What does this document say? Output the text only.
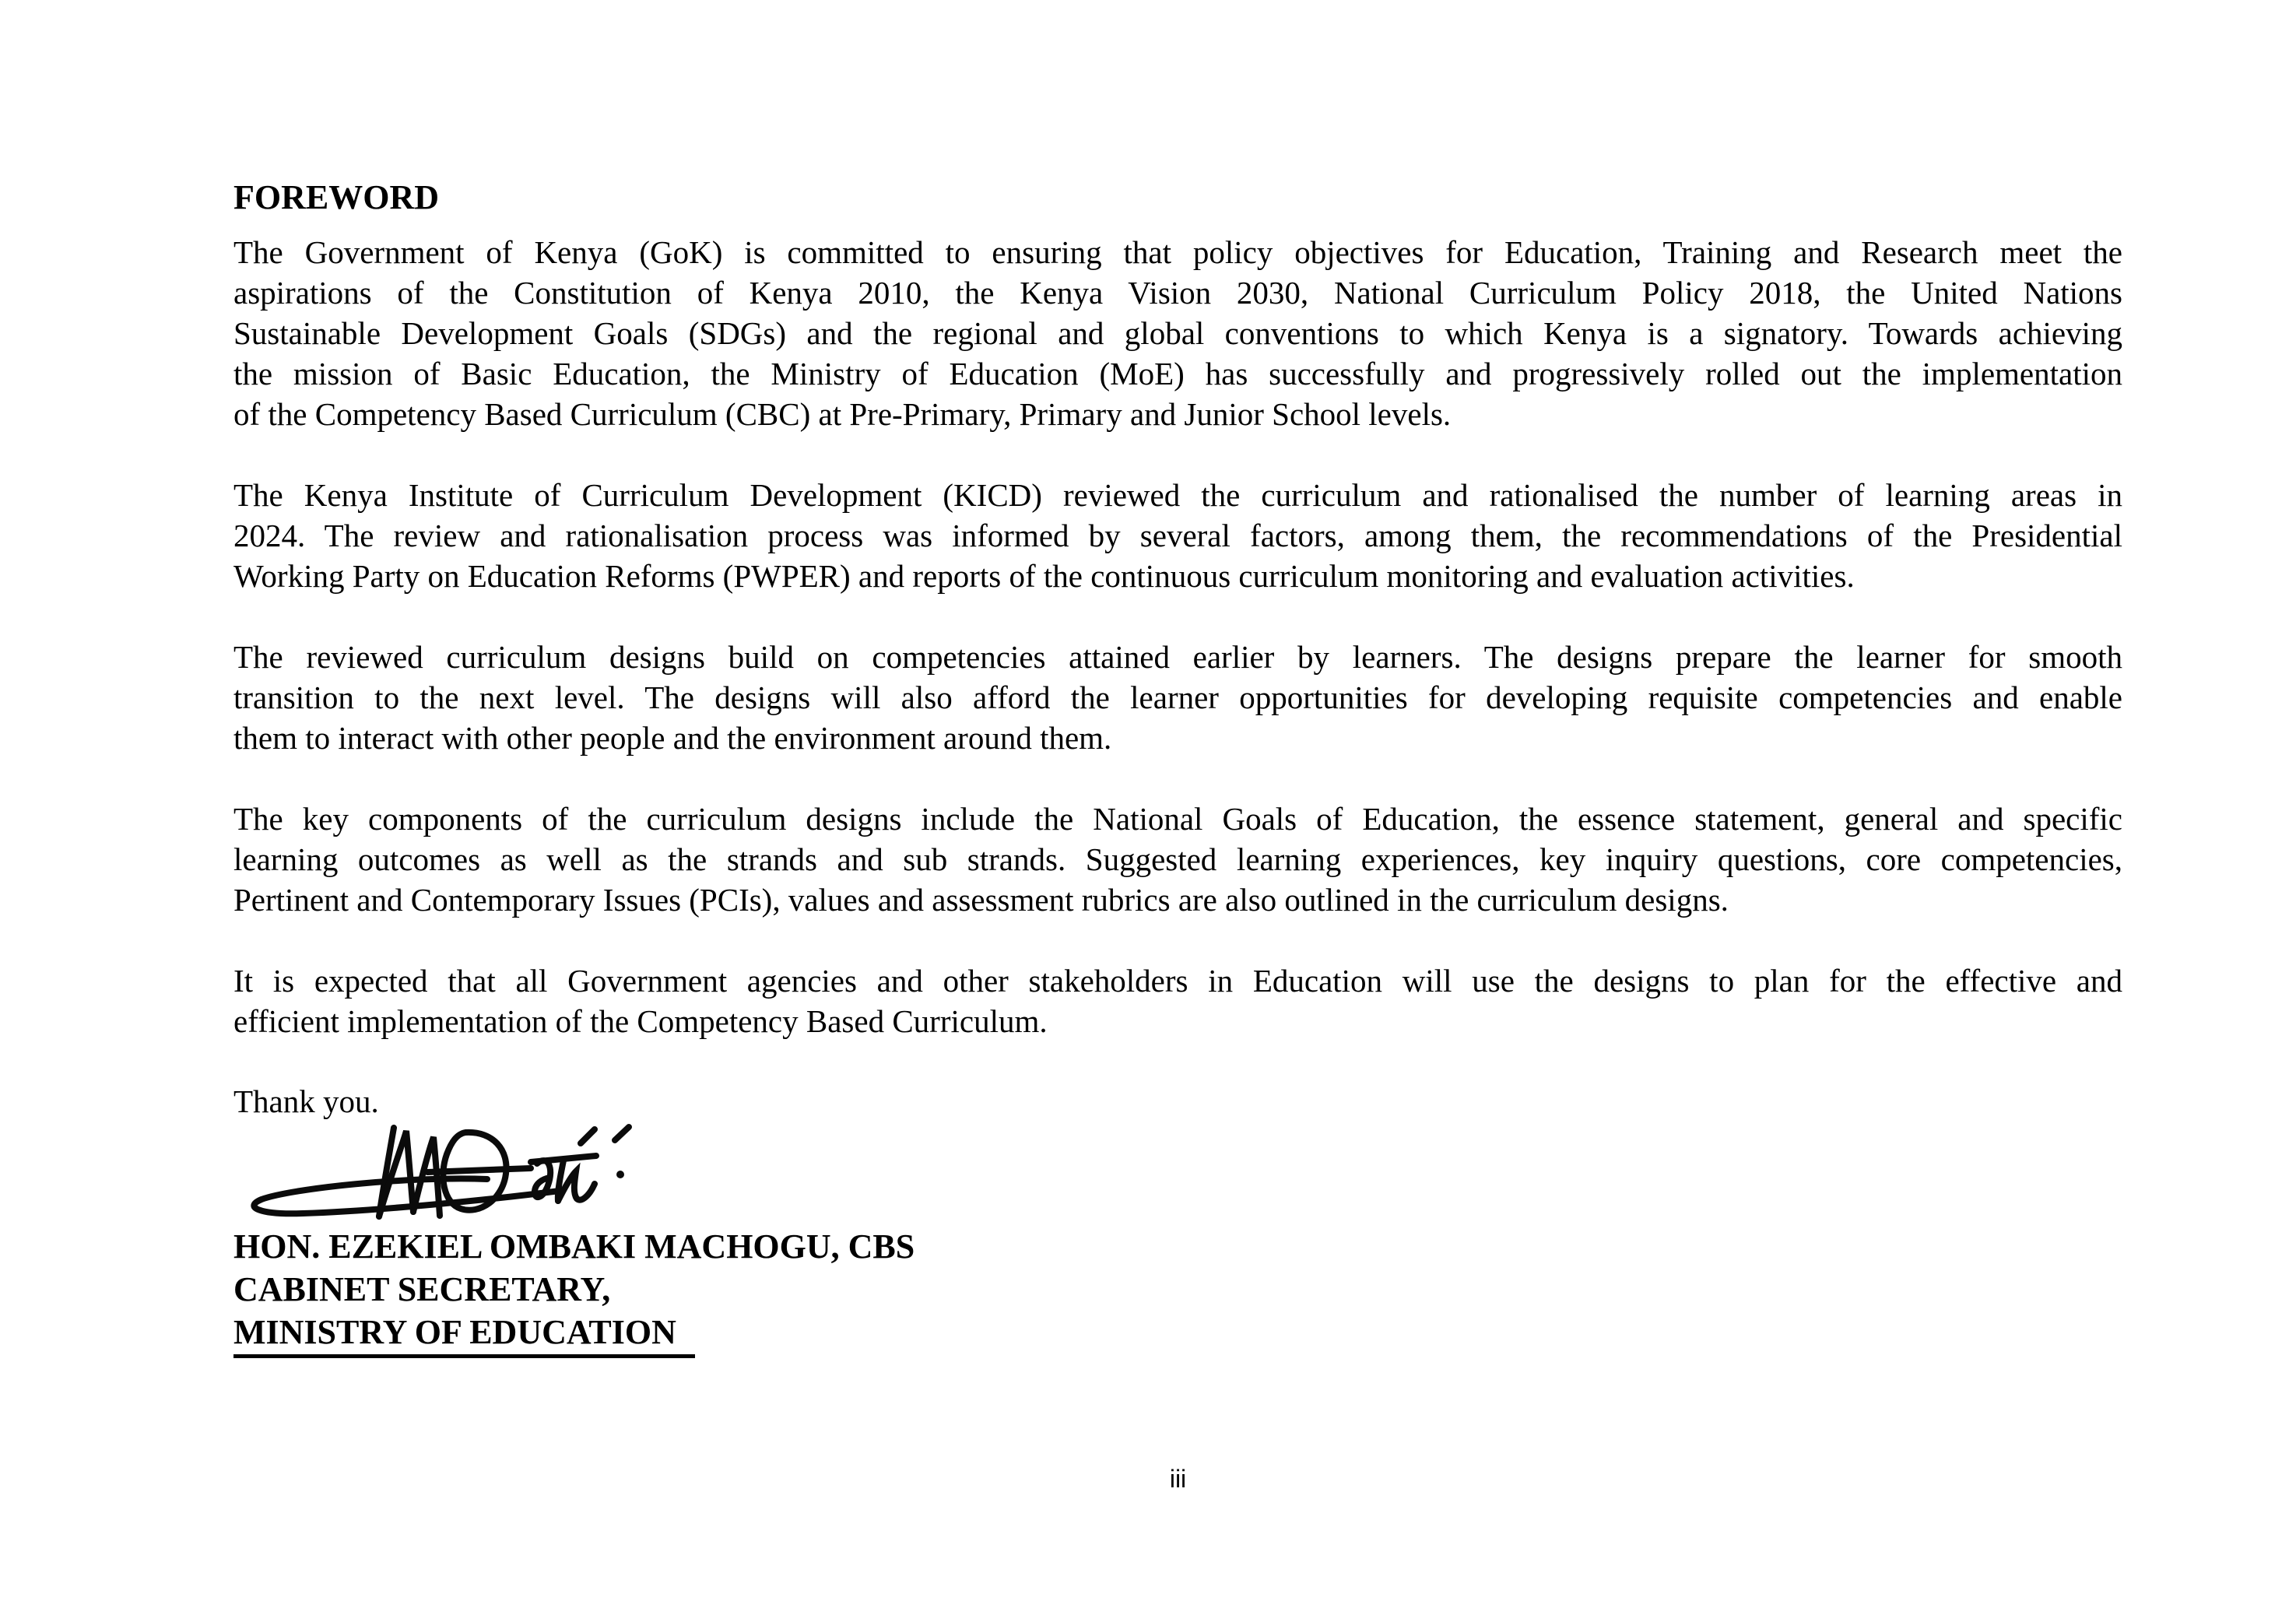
FOREWORD
The Government of Kenya (GoK) is committed to ensuring that policy objectives for Education, Training and Research meet the
aspirations of the Constitution of Kenya 2010, the Kenya Vision 2030, National Curriculum Policy 2018, the United Nations
Sustainable Development Goals (SDGs) and the regional and global conventions to which Kenya is a signatory. Towards achieving
the mission of Basic Education, the Ministry of Education (MoE) has successfully and progressively rolled out the implementation
of the Competency Based Curriculum (CBC) at Pre-Primary, Primary and Junior School levels.
The Kenya Institute of Curriculum Development (KICD) reviewed the curriculum and rationalised the number of learning areas in
2024. The review and rationalisation process was informed by several factors, among them, the recommendations of the Presidential
Working Party on Education Reforms (PWPER) and reports of the continuous curriculum monitoring and evaluation activities.
The reviewed curriculum designs build on competencies attained earlier by learners. The designs prepare the learner for smooth
transition to the next level. The designs will also afford the learner opportunities for developing requisite competencies and enable
them to interact with other people and the environment around them.
The key components of the curriculum designs include the National Goals of Education, the essence statement, general and specific
learning outcomes as well as the strands and sub strands. Suggested learning experiences, key inquiry questions, core competencies,
Pertinent and Contemporary Issues (PCIs), values and assessment rubrics are also outlined in the curriculum designs.
It is expected that all Government agencies and other stakeholders in Education will use the designs to plan for the effective and
efficient implementation of the Competency Based Curriculum.
Thank you.
HON. EZEKIEL OMBAKI MACHOGU, CBS
CABINET SECRETARY,
MINISTRY OF EDUCATION
iii
